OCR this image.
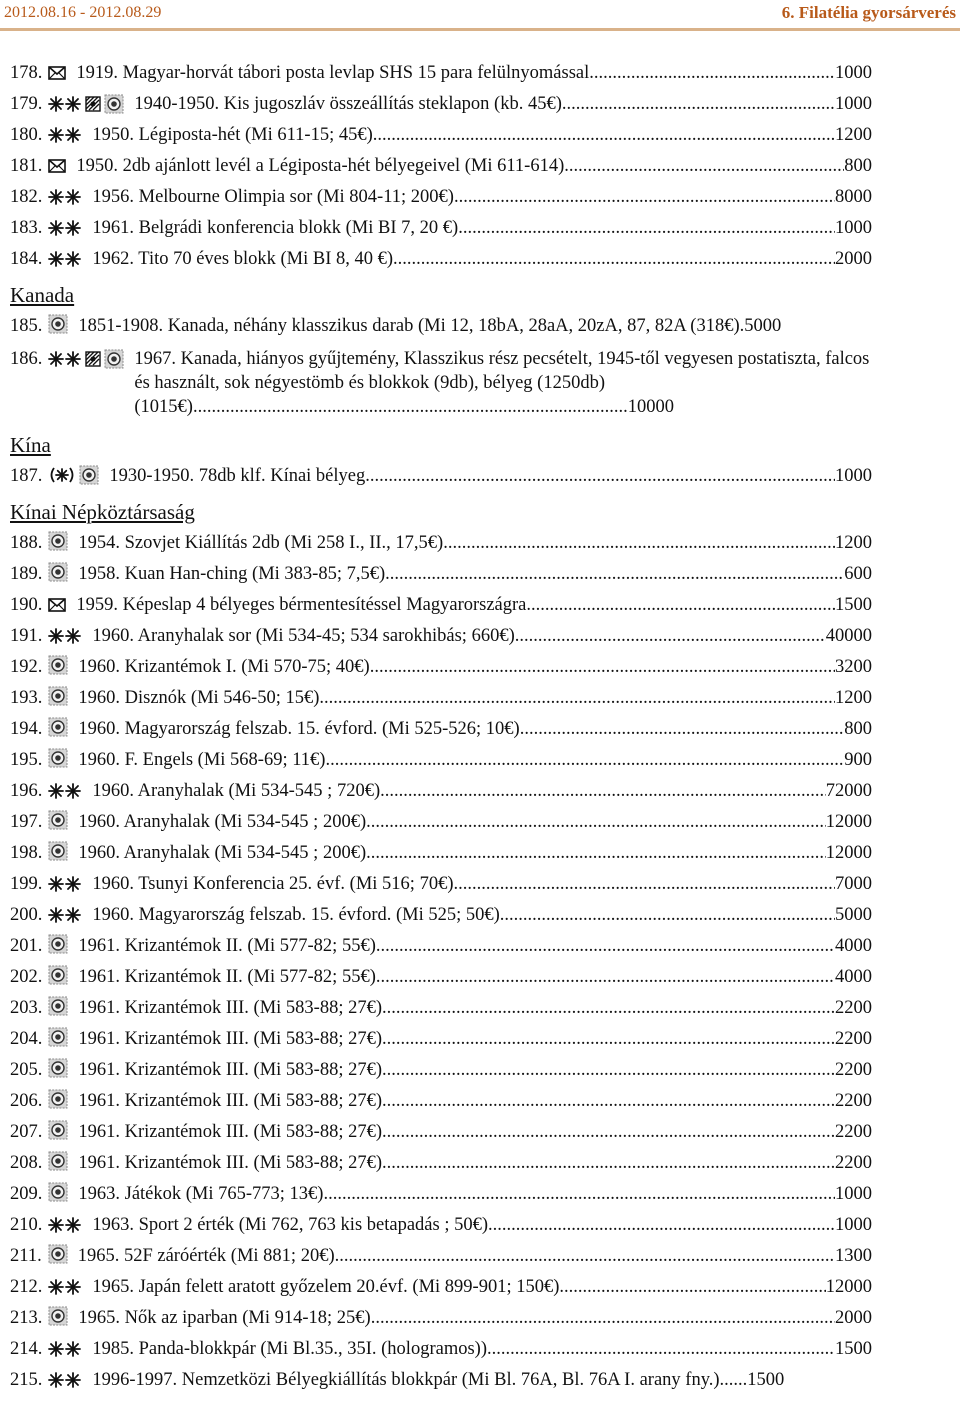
2012.08.16 - 2012.08.29	6. Filatélia gyorsárverés
178. 1919. Magyar-horvát tábori posta levlap SHS 15 para felülnyomással .....	1000
179.	1940-1950. Kis jugoszláv összeállítás steklapon (kb. 45€) .....	1000
180.	1950. Légiposta-hét (Mi 611-15; 45€) .....	1200
181. 1950. 2db ajánlott levél a Légiposta-hét bélyegeivel (Mi 611-614) .....	800
182.	1956. Melbourne Olimpia sor (Mi 804-11; 200€) .....	8000
183.	1961. Belgrádi konferencia blokk (Mi BI 7, 20 €) .....	1000
184.	1962. Tito 70 éves blokk (Mi BI 8, 40 €) .....	2000
Kanada
185. 1851-1908. Kanada, néhány klasszikus darab (Mi 12, 18bA, 28aA, 20zA, 87, 82A (318€) . 5000
186.	1967. Kanada, hiányos gyűjtemény, Klasszikus rész pecsételt, 1945-től vegyesen postatiszta, falcos és használt, sok négyestömb és blokkok (9db), bélyeg (1250db) (1015€)..............................................................................................10000
Kína
187.	1930-1950. 78db klf. Kínai bélyeg .....	1000
Kínai Népköztársaság
188. 1954. Szovjet Kiállítás 2db (Mi 258 I., II., 17,5€) .....	1200
189. 1958. Kuan Han-ching (Mi 383-85; 7,5€) .....	600
190. 1959. Képeslap 4 bélyeges bérmentesítéssel Magyarországra .....	1500
191.	1960. Aranyhalak sor (Mi 534-45; 534 sarokhibás; 660€) .....	40000
192. 1960. Krizantémok I. (Mi 570-75; 40€) .....	3200
193. 1960. Disznók (Mi 546-50; 15€) .....	1200
194. 1960. Magyarország felszab. 15. évford. (Mi 525-526; 10€) .....	800
195. 1960. F. Engels (Mi 568-69; 11€) .....	900
196.	1960. Aranyhalak (Mi 534-545 ; 720€) .....	72000
197. 1960. Aranyhalak (Mi 534-545 ; 200€) .....	12000
198. 1960. Aranyhalak (Mi 534-545 ; 200€) .....	12000
199.	1960. Tsunyi Konferencia 25. évf. (Mi 516; 70€) .....	7000
200.	1960. Magyarország felszab. 15. évford. (Mi 525; 50€) .....	5000
201. 1961. Krizantémok II. (Mi 577-82; 55€) .....	4000
202. 1961. Krizantémok II. (Mi 577-82; 55€) .....	4000
203. 1961. Krizantémok III. (Mi 583-88; 27€) .....	2200
204. 1961. Krizantémok III. (Mi 583-88; 27€) .....	2200
205. 1961. Krizantémok III. (Mi 583-88; 27€) .....	2200
206. 1961. Krizantémok III. (Mi 583-88; 27€) .....	2200
207. 1961. Krizantémok III. (Mi 583-88; 27€) .....	2200
208. 1961. Krizantémok III. (Mi 583-88; 27€) .....	2200
209. 1963. Játékok (Mi 765-773; 13€) .....	1000
210.	1963. Sport 2 érték (Mi 762, 763 kis betapadás ; 50€) .....	1000
211. 1965. 52F záróérték (Mi 881; 20€) .....	1300
212.	1965. Japán felett aratott győzelem 20.évf. (Mi 899-901; 150€) .....	12000
213. 1965. Nők az iparban (Mi 914-18; 25€) .....	2000
214.	1985. Panda-blokkpár (Mi Bl.35., 35I. (hologramos)) .....	1500
215.	1996-1997. Nemzetközi Bélyegkiállítás blokkpár (Mi Bl. 76A, Bl. 76A I. arany fny.) ...... 1500
